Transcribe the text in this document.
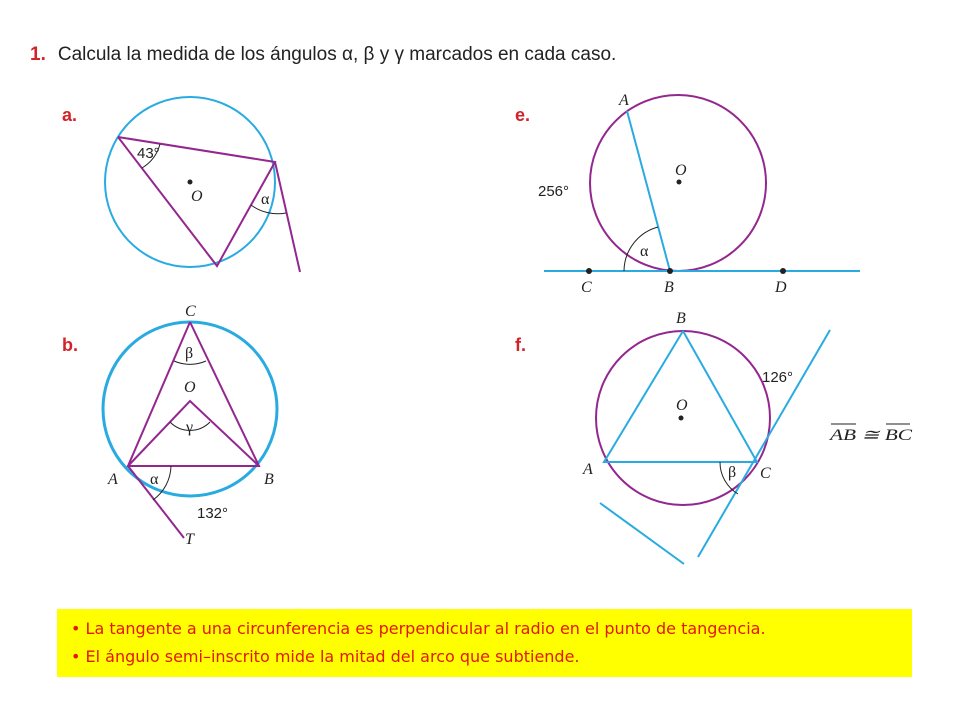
1. Calcula la medida de los ángulos α, β y γ marcados en cada caso.
a.
b.
e.
f.
O
43°
α
C
O
A	B
T
β
γ
α
132°
A
O
C	B	D
256°
α
B
O
A	C
126°
β
AB ≅ BC

• La tangente a una circunferencia es perpendicular al radio en el punto de tangencia.

• El ángulo semi–inscrito mide la mitad del arco que subtiende.
